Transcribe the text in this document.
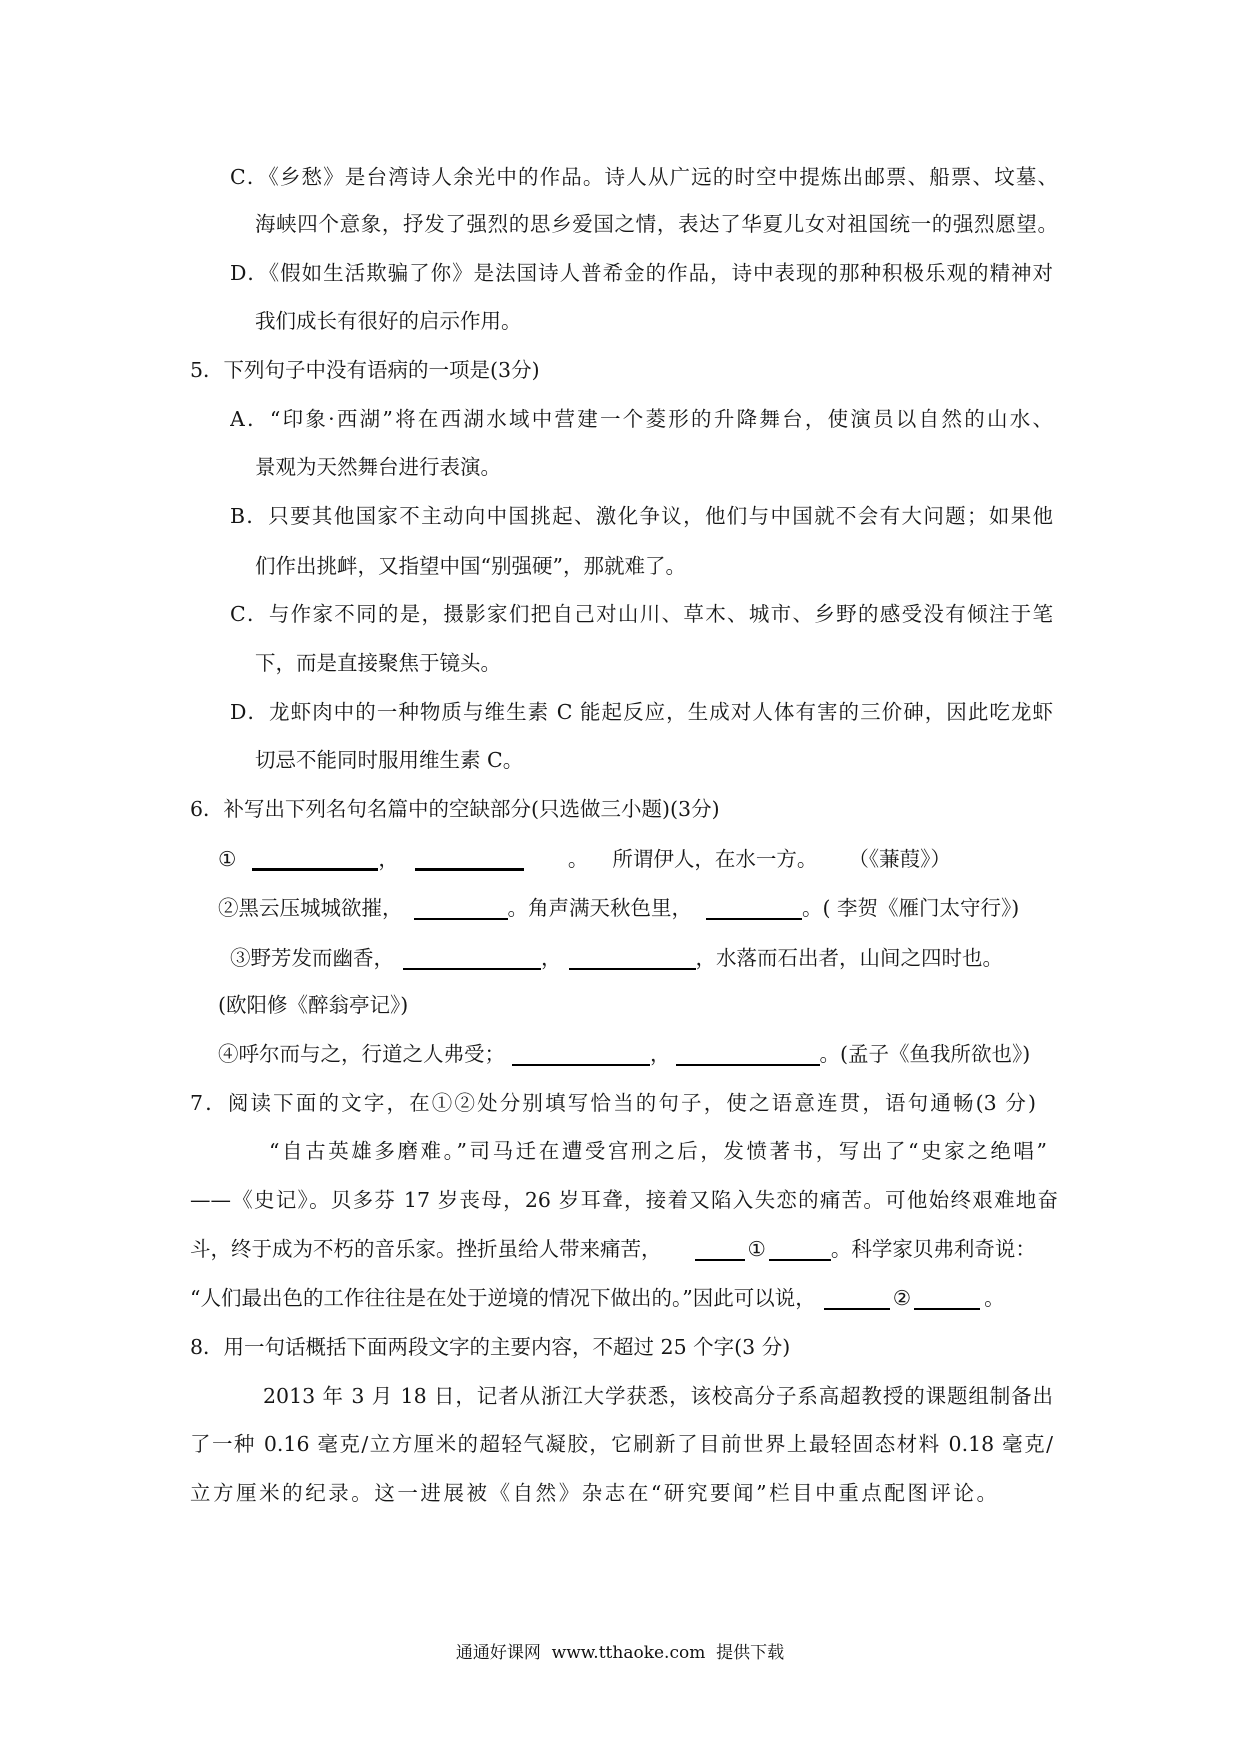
C．《乡愁》是台湾诗人余光中的作品。诗人从广远的时空中提炼出邮票、船票、坟墓、
海峡四个意象，抒发了强烈的思乡爱国之情，表达了华夏儿女对祖国统一的强烈愿望。
D．《假如生活欺骗了你》是法国诗人普希金的作品，诗中表现的那种积极乐观的精神对
我们成长有很好的启示作用。
5．下列句子中没有语病的一项是(3分)
A．“印象·西湖”将在西湖水域中营建一个菱形的升降舞台，使演员以自然的山水、
景观为天然舞台进行表演。
B．只要其他国家不主动向中国挑起、激化争议，他们与中国就不会有大问题；如果他
们作出挑衅，又指望中国“别强硬”，那就难了。
C．与作家不同的是，摄影家们把自己对山川、草木、城市、乡野的感受没有倾注于笔
下，而是直接聚焦于镜头。
D．龙虾肉中的一种物质与维生素 C 能起反应，生成对人体有害的三价砷，因此吃龙虾
切忌不能同时服用维生素 C。
6．补写出下列名句名篇中的空缺部分(只选做三小题)(3分)
①	，	。 所谓伊人，在水一方。 （《蒹葭》）
②黑云压城城欲摧，	。角声满天秋色里，	。( 李贺《雁门太守行》)
③野芳发而幽香，	，	，水落而石出者，山间之四时也。
(欧阳修《醉翁亭记》)
④呼尔而与之，行道之人弗受；	，	。(孟子《鱼我所欲也》)
7．阅读下面的文字，在①②处分别填写恰当的句子，使之语意连贯，语句通畅(3 分)
“自古英雄多磨难。”司马迁在遭受宫刑之后，发愤著书，写出了“史家之绝唱”
——《史记》。贝多芬 17 岁丧母，26 岁耳聋，接着又陷入失恋的痛苦。可他始终艰难地奋
斗，终于成为不朽的音乐家。挫折虽给人带来痛苦，	①	。科学家贝弗利奇说：
“人们最出色的工作往往是在处于逆境的情况下做出的。”因此可以说，	②	。
8．用一句话概括下面两段文字的主要内容，不超过 25 个字(3 分)
2013 年 3 月 18 日，记者从浙江大学获悉，该校高分子系高超教授的课题组制备出
了一种 0.16 毫克/立方厘米的超轻气凝胶，它刷新了目前世界上最轻固态材料 0.18 毫克/
立方厘米的纪录。这一进展被《自然》杂志在“研究要闻”栏目中重点配图评论。
通通好课网  www.tthaoke.com  提供下载
